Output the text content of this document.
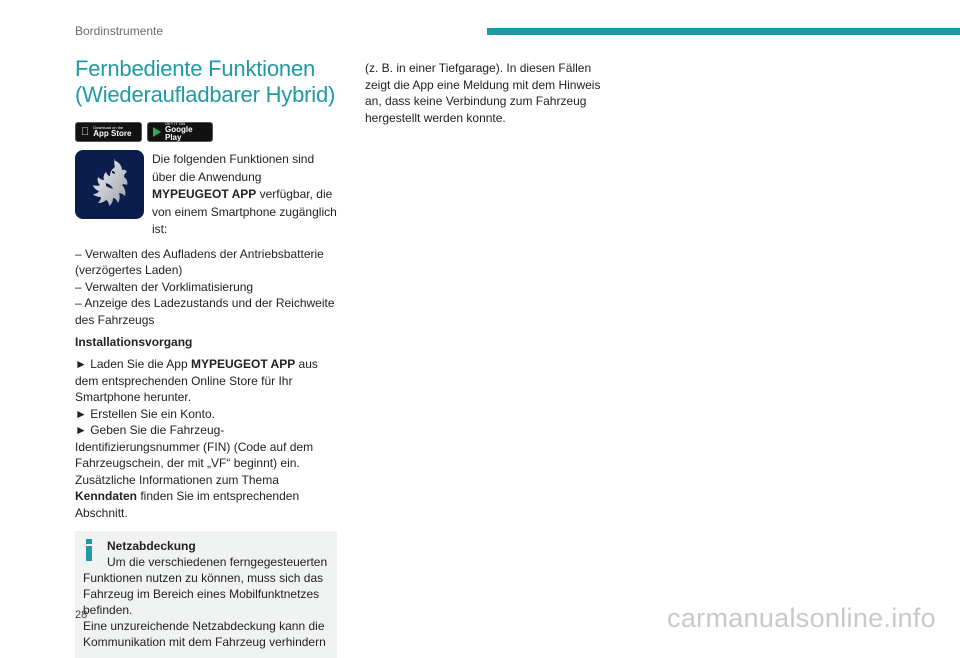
Bordinstrumente
Fernbediente Funktionen
(Wiederaufladbarer Hybrid)
Download on the
App Store
GET IT ON
Google Play

Die folgenden Funktionen sind über die Anwendung MYPEUGEOT APP verfügbar, die von einem Smartphone zugänglich ist:

– Verwalten des Aufladens der Antriebsbatterie (verzögertes Laden)
– Verwalten der Vorklimatisierung
– Anzeige des Ladezustands und der Reichweite des Fahrzeugs
Installationsvorgang
► Laden Sie die App MYPEUGEOT APP aus dem entsprechenden Online Store für Ihr Smartphone herunter.
► Erstellen Sie ein Konto.
► Geben Sie die Fahrzeug-Identifizierungsnummer (FIN) (Code auf dem Fahrzeugschein, der mit „VF“ beginnt) ein.
Zusätzliche Informationen zum Thema Kenndaten finden Sie im entsprechenden Abschnitt.
Netzabdeckung
Um die verschiedenen ferngegesteuerten
Funktionen nutzen zu können, muss sich das Fahrzeug im Bereich eines Mobilfunktnetzes befinden.
Eine unzureichende Netzabdeckung kann die Kommunikation mit dem Fahrzeug verhindern

(z. B. in einer Tiefgarage). In diesen Fällen zeigt die App eine Meldung mit dem Hinweis an, dass keine Verbindung zum Fahrzeug hergestellt werden konnte.

28	carmanualsonline.info
